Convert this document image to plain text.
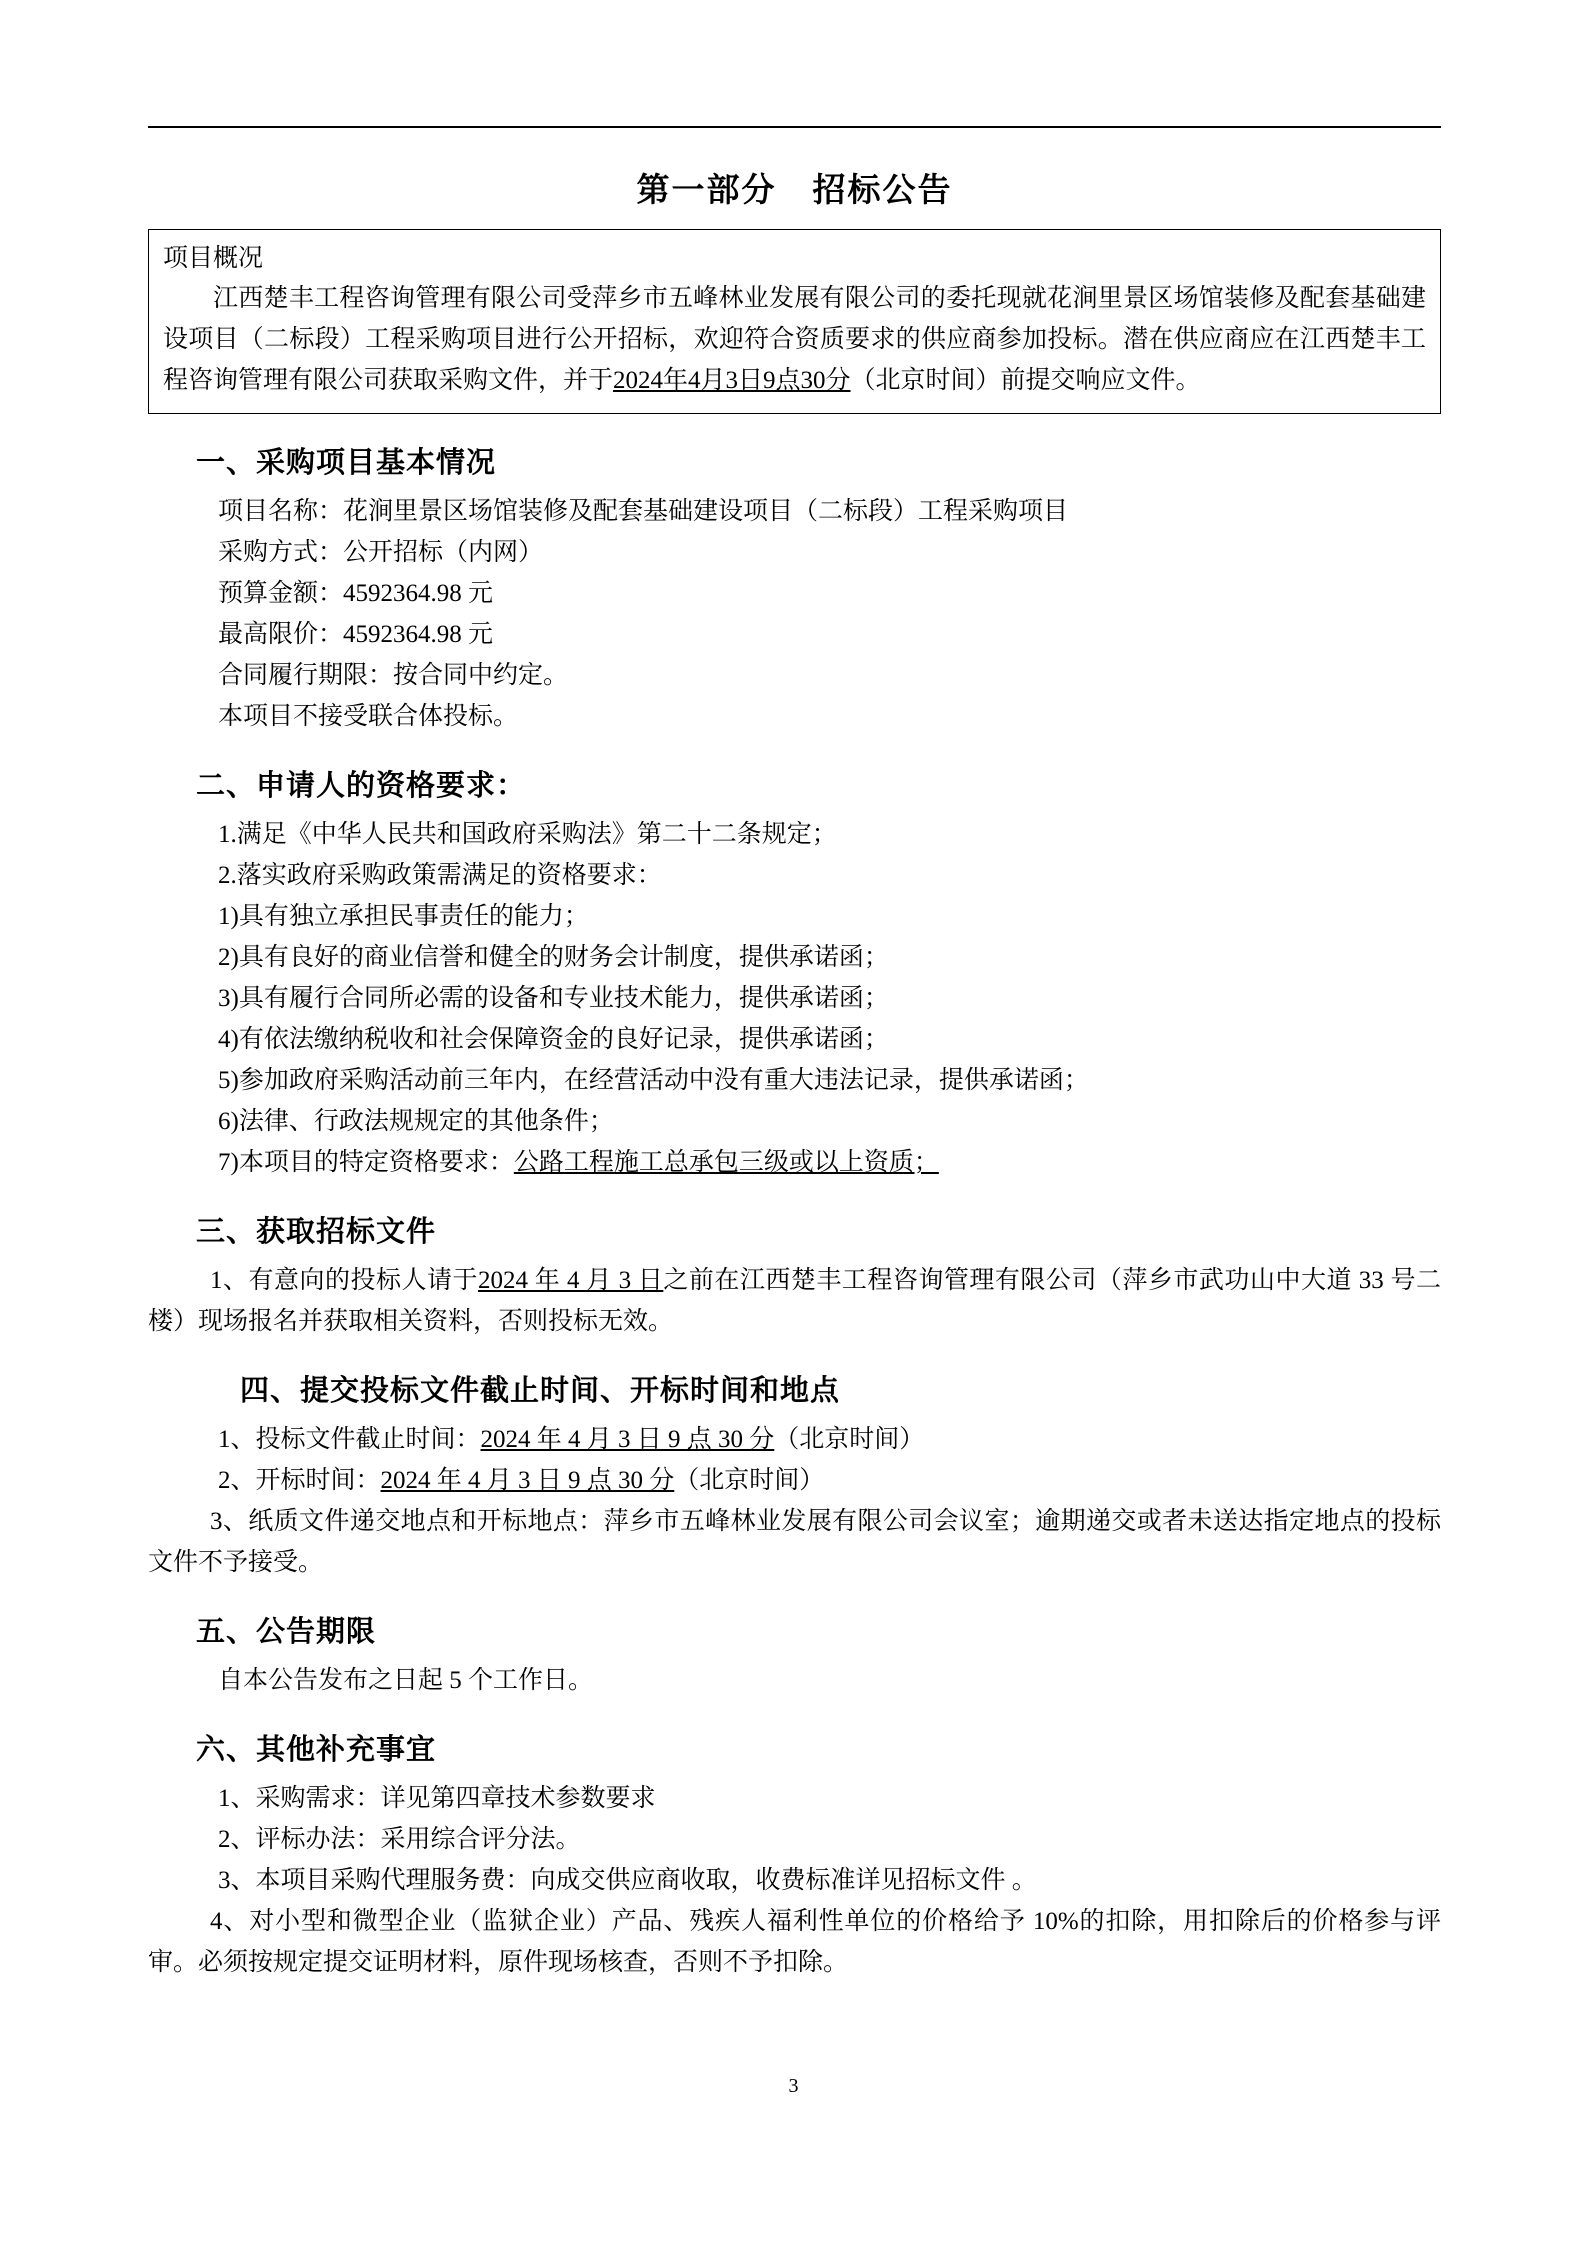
第一部分 招标公告
项目概况
江西楚丰工程咨询管理有限公司受萍乡市五峰林业发展有限公司的委托现就花涧里景区场馆装修及配套基础建设项目（二标段）工程采购项目进行公开招标，欢迎符合资质要求的供应商参加投标。潜在供应商应在江西楚丰工程咨询管理有限公司获取采购文件，并于2024年4月3日9点30分（北京时间）前提交响应文件。
一、采购项目基本情况
项目名称：花涧里景区场馆装修及配套基础建设项目（二标段）工程采购项目
采购方式：公开招标（内网）
预算金额：4592364.98 元
最高限价：4592364.98 元
合同履行期限：按合同中约定。
本项目不接受联合体投标。
二、申请人的资格要求：
1.满足《中华人民共和国政府采购法》第二十二条规定；
2.落实政府采购政策需满足的资格要求：
1)具有独立承担民事责任的能力；
2)具有良好的商业信誉和健全的财务会计制度，提供承诺函；
3)具有履行合同所必需的设备和专业技术能力，提供承诺函；
4)有依法缴纳税收和社会保障资金的良好记录，提供承诺函；
5)参加政府采购活动前三年内，在经营活动中没有重大违法记录，提供承诺函；
6)法律、行政法规规定的其他条件；
7)本项目的特定资格要求：公路工程施工总承包三级或以上资质；
三、获取招标文件
1、有意向的投标人请于2024 年 4 月 3 日之前在江西楚丰工程咨询管理有限公司（萍乡市武功山中大道 33 号二楼）现场报名并获取相关资料，否则投标无效。
四、提交投标文件截止时间、开标时间和地点
1、投标文件截止时间：2024 年 4 月 3 日 9 点 30 分（北京时间）
2、开标时间：2024 年 4 月 3 日 9 点 30 分（北京时间）
3、纸质文件递交地点和开标地点：萍乡市五峰林业发展有限公司会议室；逾期递交或者未送达指定地点的投标文件不予接受。
五、公告期限
自本公告发布之日起 5 个工作日。
六、其他补充事宜
1、采购需求：详见第四章技术参数要求
2、评标办法：采用综合评分法。
3、本项目采购代理服务费：向成交供应商收取，收费标准详见招标文件 。
4、对小型和微型企业（监狱企业）产品、残疾人福利性单位的价格给予 10%的扣除，用扣除后的价格参与评审。必须按规定提交证明材料，原件现场核查，否则不予扣除。
3
